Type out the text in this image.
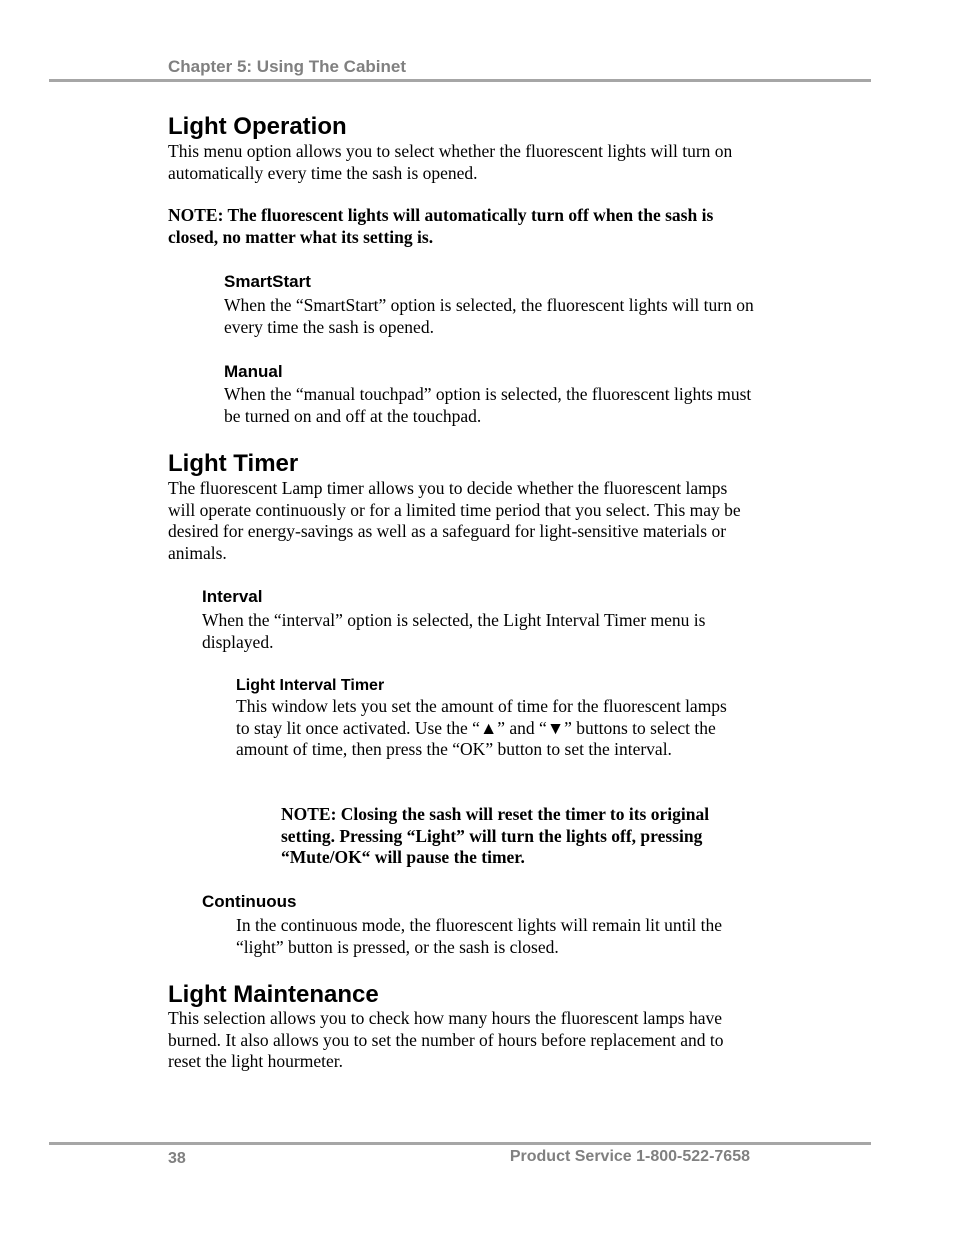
Chapter 5: Using The Cabinet
Light Operation

This menu option allows you to select whether the fluorescent lights will turn on automatically every time the sash is opened.

NOTE: The fluorescent lights will automatically turn off when the sash is closed, no matter what its setting is.

SmartStart

When the “SmartStart” option is selected, the fluorescent lights will turn on every time the sash is opened.

Manual

When the “manual touchpad” option is selected, the fluorescent lights must be turned on and off at the touchpad.

Light Timer

The fluorescent Lamp timer allows you to decide whether the fluorescent lamps will operate continuously or for a limited time period that you select. This may be desired for energy-savings as well as a safeguard for light-sensitive materials or animals.

Interval

When the “interval” option is selected, the Light Interval Timer menu is displayed.

Light Interval Timer

This window lets you set the amount of time for the fluorescent lamps to stay lit once activated. Use the “▲” and “▼” buttons to select the amount of time, then press the “OK” button to set the interval.

NOTE: Closing the sash will reset the timer to its original setting. Pressing “Light” will turn the lights off, pressing “Mute/OK“ will pause the timer.

Continuous

In the continuous mode, the fluorescent lights will remain lit until the “light” button is pressed, or the sash is closed.

Light Maintenance

This selection allows you to check how many hours the fluorescent lamps have burned. It also allows you to set the number of hours before replacement and to reset the light hourmeter.

38	Product Service 1-800-522-7658
